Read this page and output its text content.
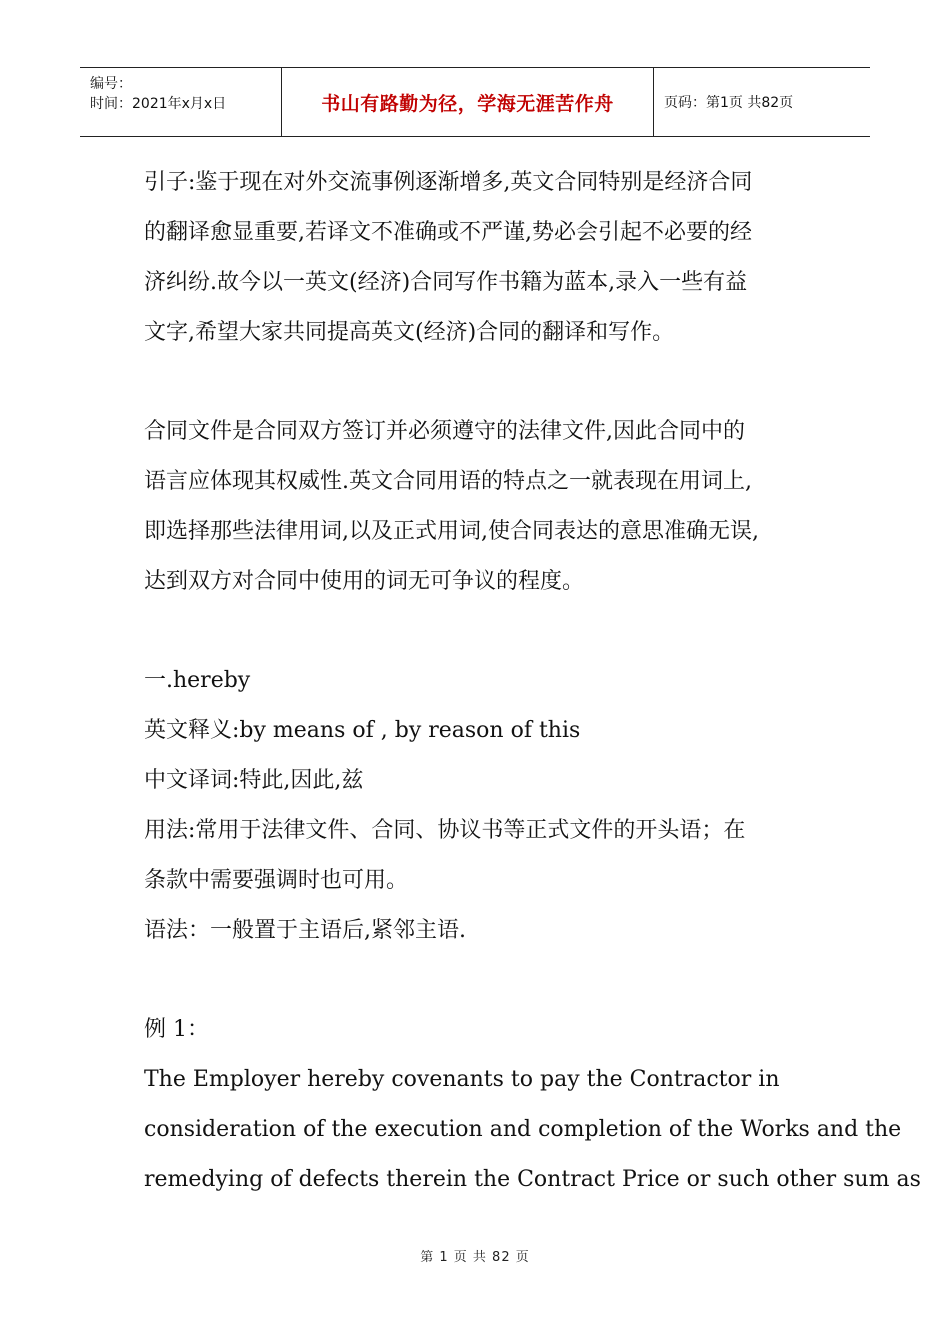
编号：
时间：2021年x月x日	书山有路勤为径，学海无涯苦作舟	页码：第1页 共82页
引子:鉴于现在对外交流事例逐渐增多,英文合同特别是经济合同
的翻译愈显重要,若译文不准确或不严谨,势必会引起不必要的经
济纠纷.故今以一英文(经济)合同写作书籍为蓝本,录入一些有益
文字,希望大家共同提高英文(经济)合同的翻译和写作。
合同文件是合同双方签订并必须遵守的法律文件,因此合同中的
语言应体现其权威性.英文合同用语的特点之一就表现在用词上,
即选择那些法律用词,以及正式用词,使合同表达的意思准确无误,
达到双方对合同中使用的词无可争议的程度。
一.hereby
英文释义:by means of , by reason of this
中文译词:特此,因此,兹
用法:常用于法律文件、合同、协议书等正式文件的开头语；在
条款中需要强调时也可用。
语法：一般置于主语后,紧邻主语.
例 1：
The Employer hereby covenants to pay the Contractor in
consideration of the execution and completion of the Works and the
remedying of defects therein the Contract Price or such other sum as
第 1 页 共 82 页
